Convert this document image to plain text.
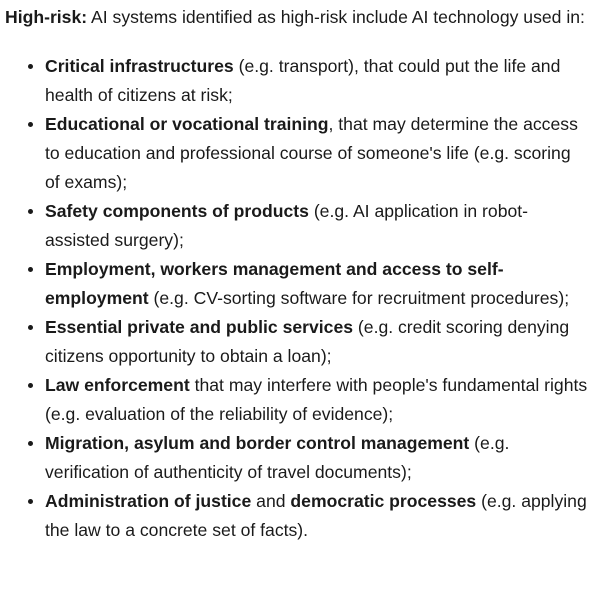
High-risk: AI systems identified as high-risk include AI technology used in:

• Critical infrastructures (e.g. transport), that could put the life and health of citizens at risk;
• Educational or vocational training, that may determine the access to education and professional course of someone's life (e.g. scoring of exams);
• Safety components of products (e.g. AI application in robot-assisted surgery);
• Employment, workers management and access to self-employment (e.g. CV-sorting software for recruitment procedures);
• Essential private and public services (e.g. credit scoring denying citizens opportunity to obtain a loan);
• Law enforcement that may interfere with people's fundamental rights (e.g. evaluation of the reliability of evidence);
• Migration, asylum and border control management (e.g. verification of authenticity of travel documents);
• Administration of justice and democratic processes (e.g. applying the law to a concrete set of facts).
